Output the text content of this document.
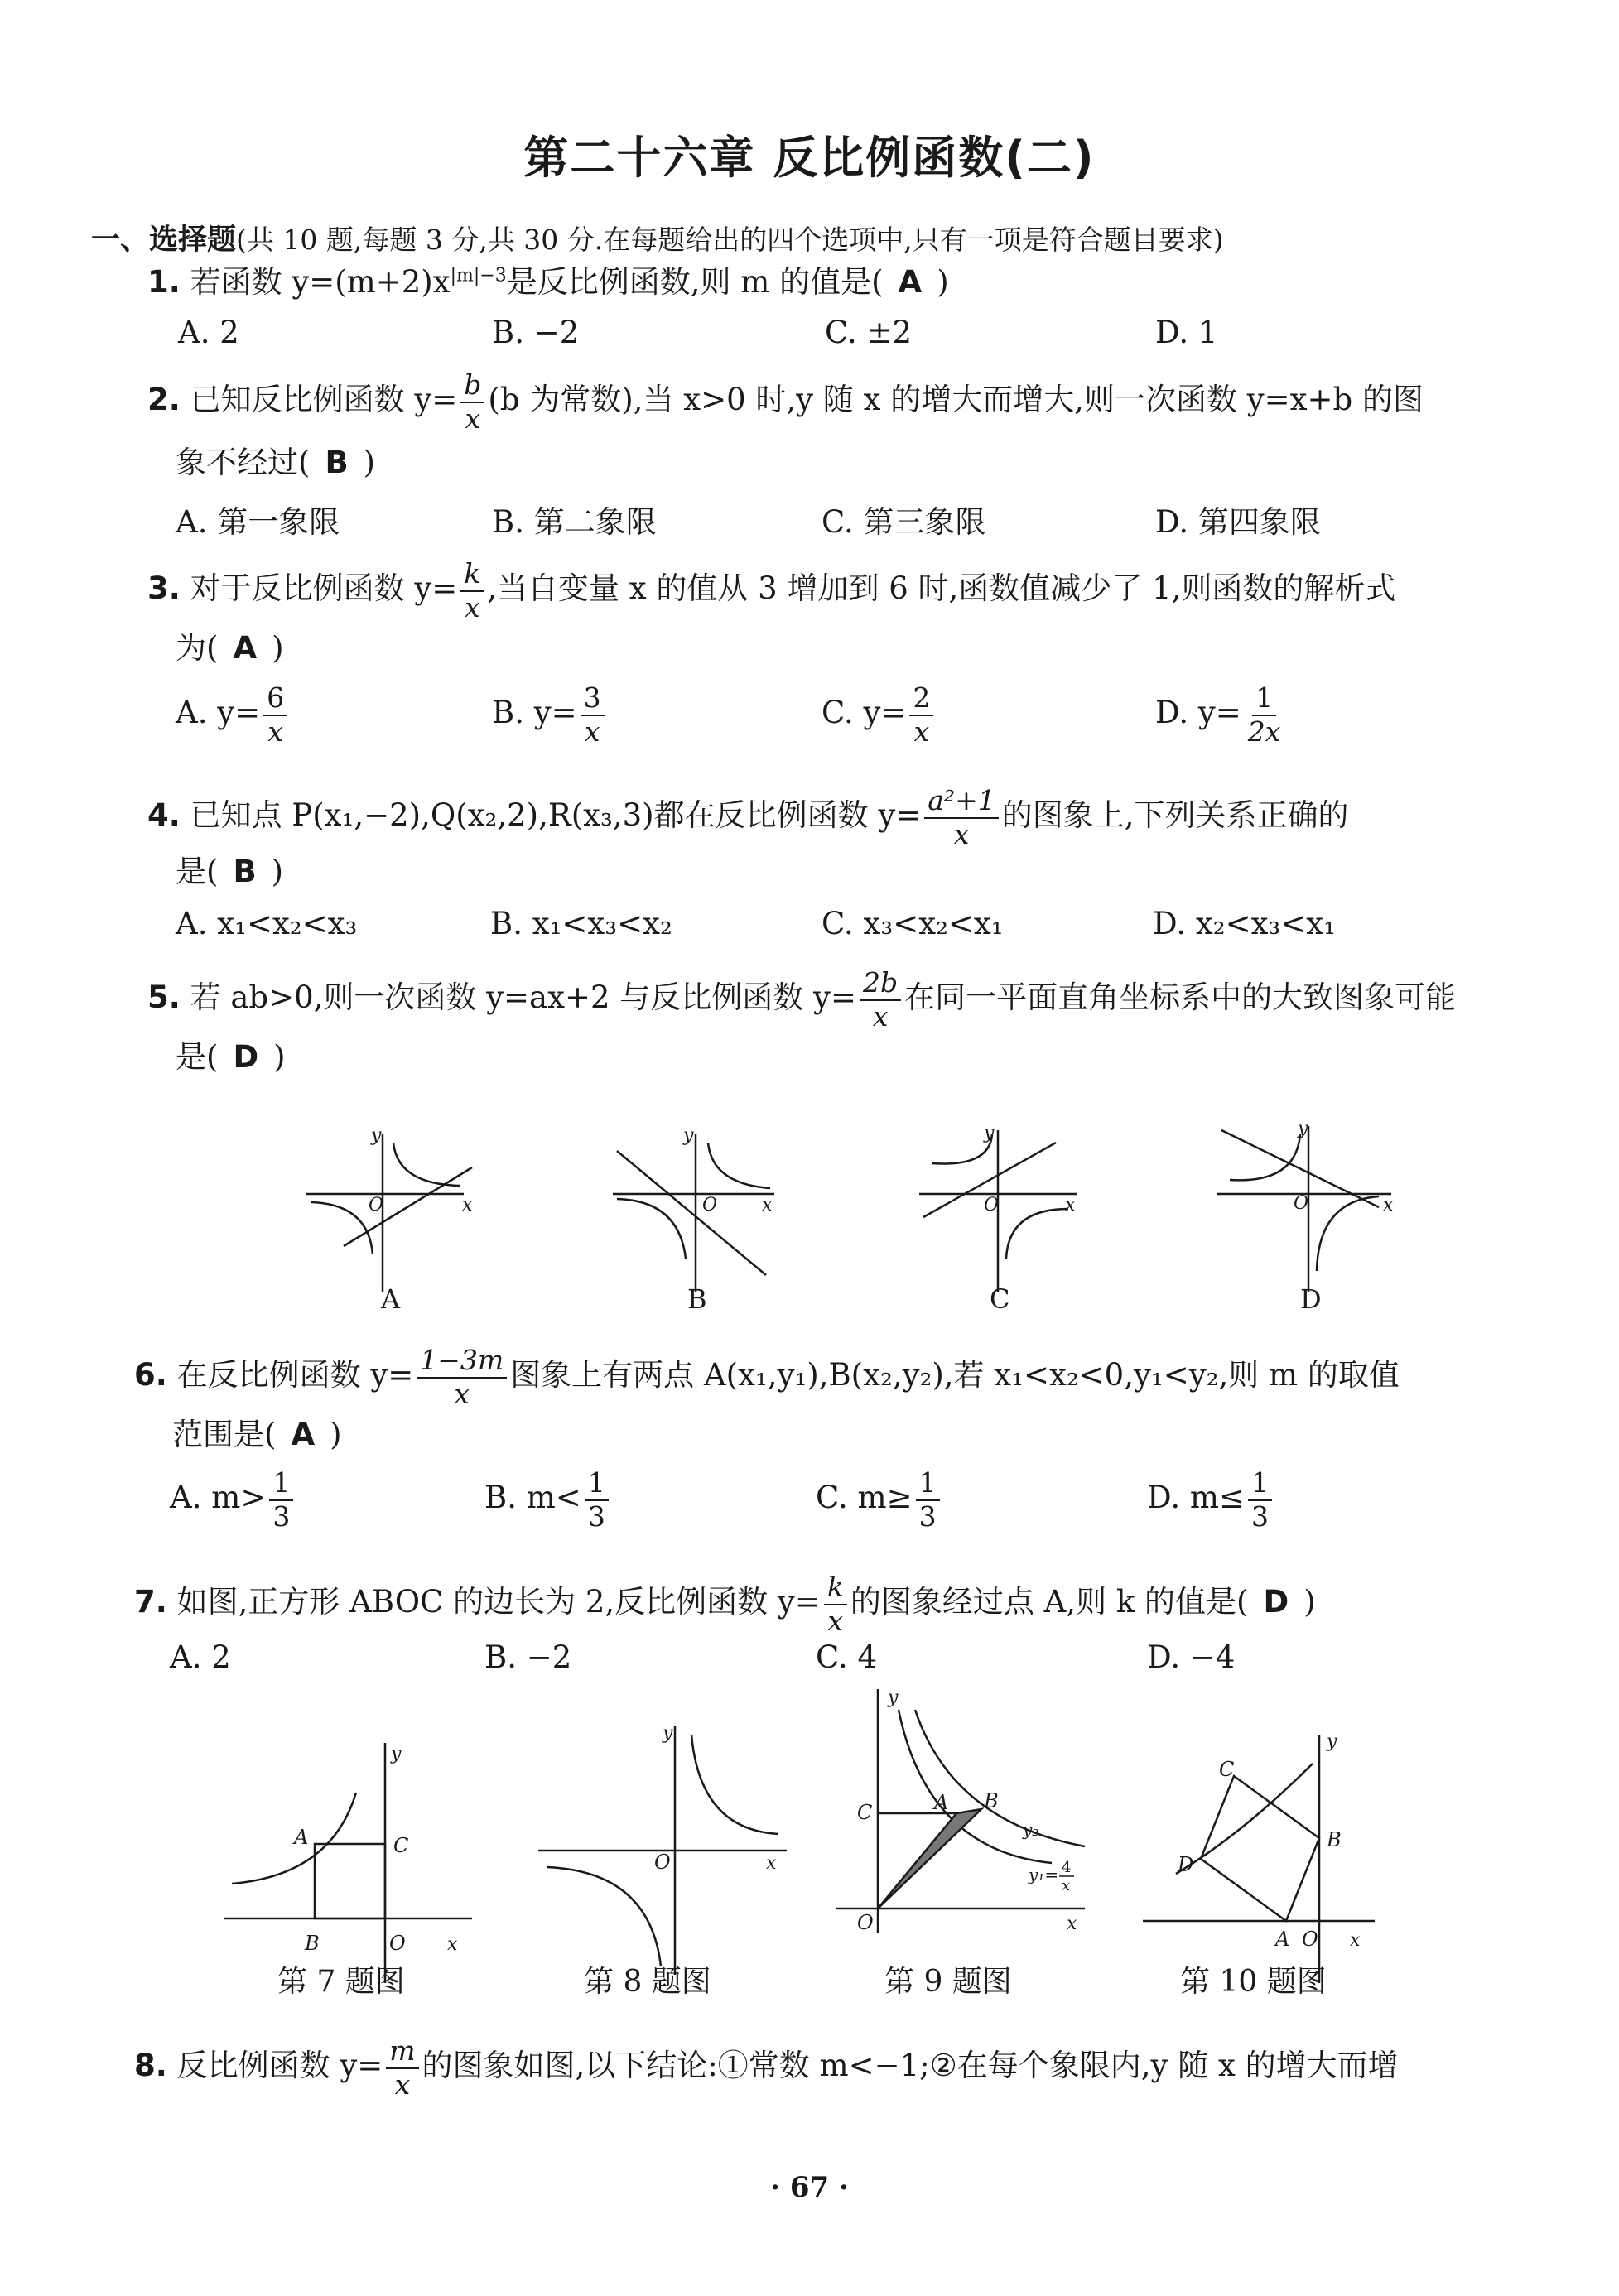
第二十六章 反比例函数(二)
一、选择题(共 10 题,每题 3 分,共 30 分.在每题给出的四个选项中,只有一项是符合题目要求)
1. 若函数 $y=(m+2)x^{|m|-3}$是反比例函数,则 m 的值是( A )
A. 2	B. −2	C. ±2	D. 1
2. 已知反比例函数 $y= \frac{b}{x} (b$ 为常数),当 x>0 时,y 随 x 的增大而增大,则一次函数 y=x+b 的图
象不经过( B )
A. 第一象限	B. 第二象限	C. 第三象限	D. 第四象限
3. 对于反比例函数 $y= \frac{k}{x}$ ,当自变量 x 的值从 3 增加到 6 时,函数值减少了 1,则函数的解析式
为( A )
A. $y= \frac{6}{x}$	B. $y= \frac{3}{x}$	C. $y= \frac{2}{x}$	D. $y= \frac{1}{2x}$
4. 已知点 P(x₁,−2),Q(x₂,2),R(x₃,3)都在反比例函数 $y= \frac{\text{a²+1}}{x}$ 的图象上,下列关系正确的
是( B )
A. x₁<x₂<x₃	B. x₁<x₃<x₂	C. x₃<x₂<x₁	D. x₂<x₃<x₁
5. 若 ab>0,则一次函数 y=ax+2 与反比例函数 $y= \frac{2b}{x}$ 在同一平面直角坐标系中的大致图象可能
是( D )
y
O	x
A
y
O x
B
y
O	x
C
y
O	x
D
6. 在反比例函数 $y= \frac{1-3m}{x}$ 图象上有两点 A(x₁,y₁),B(x₂,y₂),若 x₁<x₂<0,y₁<y₂,则 m 的取值
范围是( A )
A. $m> \frac{1}{3}$	B. $m< \frac{1}{3}$	C. $m\ge \frac{1}{3}$	D. $m\le \frac{1}{3}$
7. 如图,正方形 ABOC 的边长为 2,反比例函数 $y= \frac{k}{x}$ 的图象经过点 A,则 k 的值是( D )
A. 2	B. −2	C. 4	D. −4
y
A	C
B	O x
第 7 题图
y
O	x
第 8 题图
y
C	A B
y₂
y₁= 4
x
O	x
第 9 题图
y
C
B
D
A O x
第 10 题图
8. 反比例函数 $y= \frac{m}{x}$ 的图象如图,以下结论:①常数 m<−1;②在每个象限内,y 随 x 的增大而增
· 67 ·
